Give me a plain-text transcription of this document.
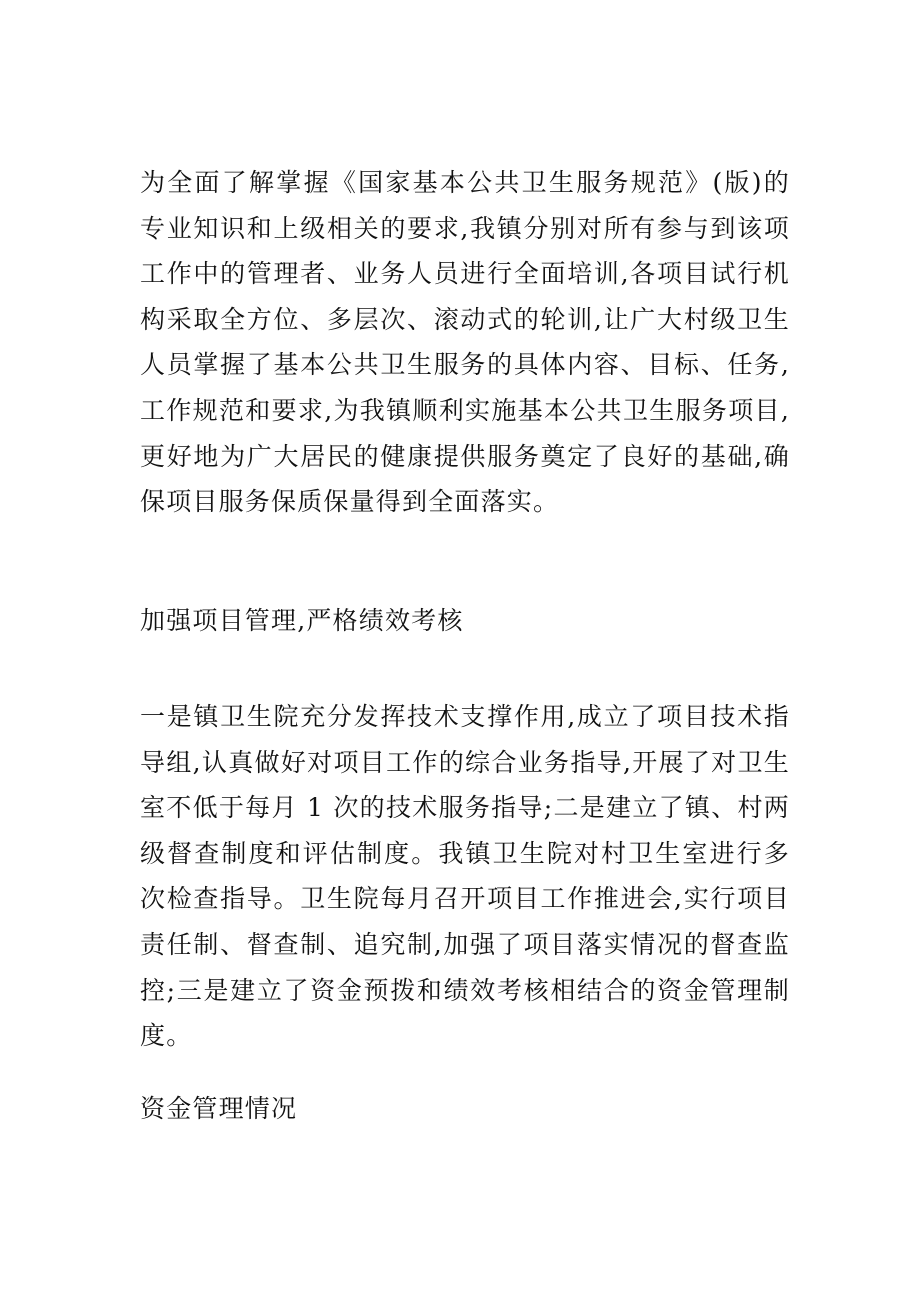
为全面了解掌握《国家基本公共卫生服务规范》(版)的专业知识和上级相关的要求,我镇分别对所有参与到该项工作中的管理者、业务人员进行全面培训,各项目试行机构采取全方位、多层次、滚动式的轮训,让广大村级卫生人员掌握了基本公共卫生服务的具体内容、目标、任务,工作规范和要求,为我镇顺利实施基本公共卫生服务项目,更好地为广大居民的健康提供服务奠定了良好的基础,确保项目服务保质保量得到全面落实。

加强项目管理,严格绩效考核

一是镇卫生院充分发挥技术支撑作用,成立了项目技术指导组,认真做好对项目工作的综合业务指导,开展了对卫生室不低于每月 1 次的技术服务指导;二是建立了镇、村两级督查制度和评估制度。我镇卫生院对村卫生室进行多次检查指导。卫生院每月召开项目工作推进会,实行项目责任制、督查制、追究制,加强了项目落实情况的督查监控;三是建立了资金预拨和绩效考核相结合的资金管理制度。

资金管理情况
